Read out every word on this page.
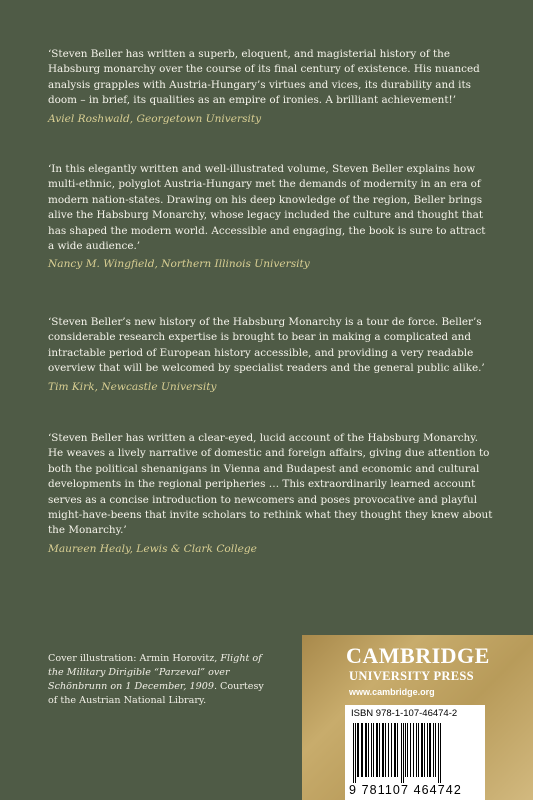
‘Steven Beller has written a superb, eloquent, and magisterial history of the Habsburg monarchy over the course of its final century of existence. His nuanced analysis grapples with Austria-Hungary’s virtues and vices, its durability and its doom – in brief, its qualities as an empire of ironies. A brilliant achievement!’

Aviel Roshwald, Georgetown University

‘In this elegantly written and well-illustrated volume, Steven Beller explains how multi-ethnic, polyglot Austria-Hungary met the demands of modernity in an era of modern nation-states. Drawing on his deep knowledge of the region, Beller brings alive the Habsburg Monarchy, whose legacy included the culture and thought that has shaped the modern world. Accessible and engaging, the book is sure to attract a wide audience.’

Nancy M. Wingfield, Northern Illinois University

‘Steven Beller’s new history of the Habsburg Monarchy is a tour de force. Beller’s considerable research expertise is brought to bear in making a complicated and intractable period of European history accessible, and providing a very readable overview that will be welcomed by specialist readers and the general public alike.’

Tim Kirk, Newcastle University

‘Steven Beller has written a clear-eyed, lucid account of the Habsburg Monarchy. He weaves a lively narrative of domestic and foreign affairs, giving due attention to both the political shenanigans in Vienna and Budapest and economic and cultural developments in the regional peripheries … This extraordinarily learned account serves as a concise introduction to newcomers and poses provocative and playful might-have-beens that invite scholars to rethink what they thought they knew about the Monarchy.’

Maureen Healy, Lewis & Clark College

Cover illustration: Armin Horovitz, Flight of the Military Dirigible “Parzeval” over Schönbrunn on 1 December, 1909. Courtesy of the Austrian National Library.
CAMBRIDGE
UNIVERSITY PRESS
www.cambridge.org
ISBN 978-1-107-46474-2
9 781107 464742
